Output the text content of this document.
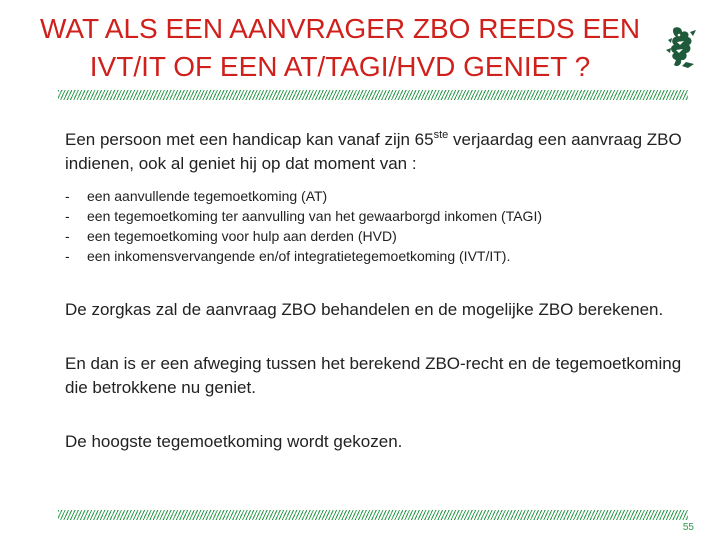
WAT ALS EEN AANVRAGER ZBO REEDS EEN
IVT/IT OF EEN AT/TAGI/HVD GENIET ?

Een persoon met een handicap kan vanaf zijn 65ste verjaardag een aanvraag ZBO indienen, ook al geniet hij op dat moment van :

- een aanvullende tegemoetkoming (AT)
- een tegemoetkoming ter aanvulling van het gewaarborgd inkomen (TAGI)
- een tegemoetkoming voor hulp aan derden (HVD)
- een inkomensvervangende en/of integratietegemoetkoming (IVT/IT).

De zorgkas zal de aanvraag ZBO behandelen en de mogelijke ZBO berekenen.

En dan is er een afweging tussen het berekend ZBO-recht en de tegemoetkoming die betrokkene nu geniet.

De hoogste tegemoetkoming wordt gekozen.

55
